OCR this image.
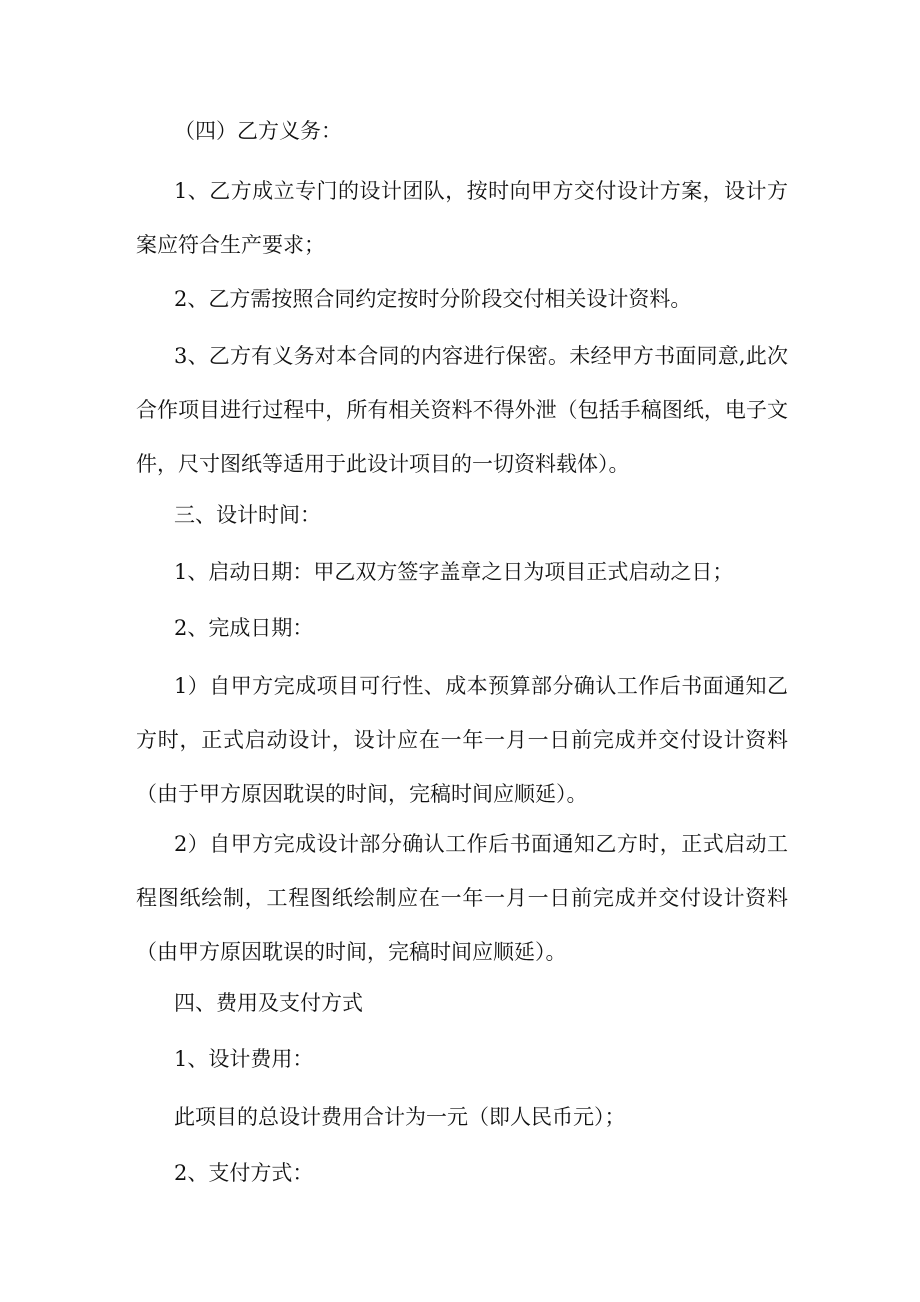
（四）乙方义务：

1、乙方成立专门的设计团队，按时向甲方交付设计方案，设计方案应符合生产要求；

2、乙方需按照合同约定按时分阶段交付相关设计资料。

3、乙方有义务对本合同的内容进行保密。未经甲方书面同意,此次合作项目进行过程中，所有相关资料不得外泄（包括手稿图纸，电子文件，尺寸图纸等适用于此设计项目的一切资料载体）。

三、设计时间：

1、启动日期：甲乙双方签字盖章之日为项目正式启动之日；

2、完成日期：

1）自甲方完成项目可行性、成本预算部分确认工作后书面通知乙方时，正式启动设计，设计应在一年一月一日前完成并交付设计资料（由于甲方原因耽误的时间，完稿时间应顺延）。

2）自甲方完成设计部分确认工作后书面通知乙方时，正式启动工程图纸绘制，工程图纸绘制应在一年一月一日前完成并交付设计资料（由甲方原因耽误的时间，完稿时间应顺延）。

四、费用及支付方式

1、设计费用：

此项目的总设计费用合计为一元（即人民币元）；

2、支付方式：
